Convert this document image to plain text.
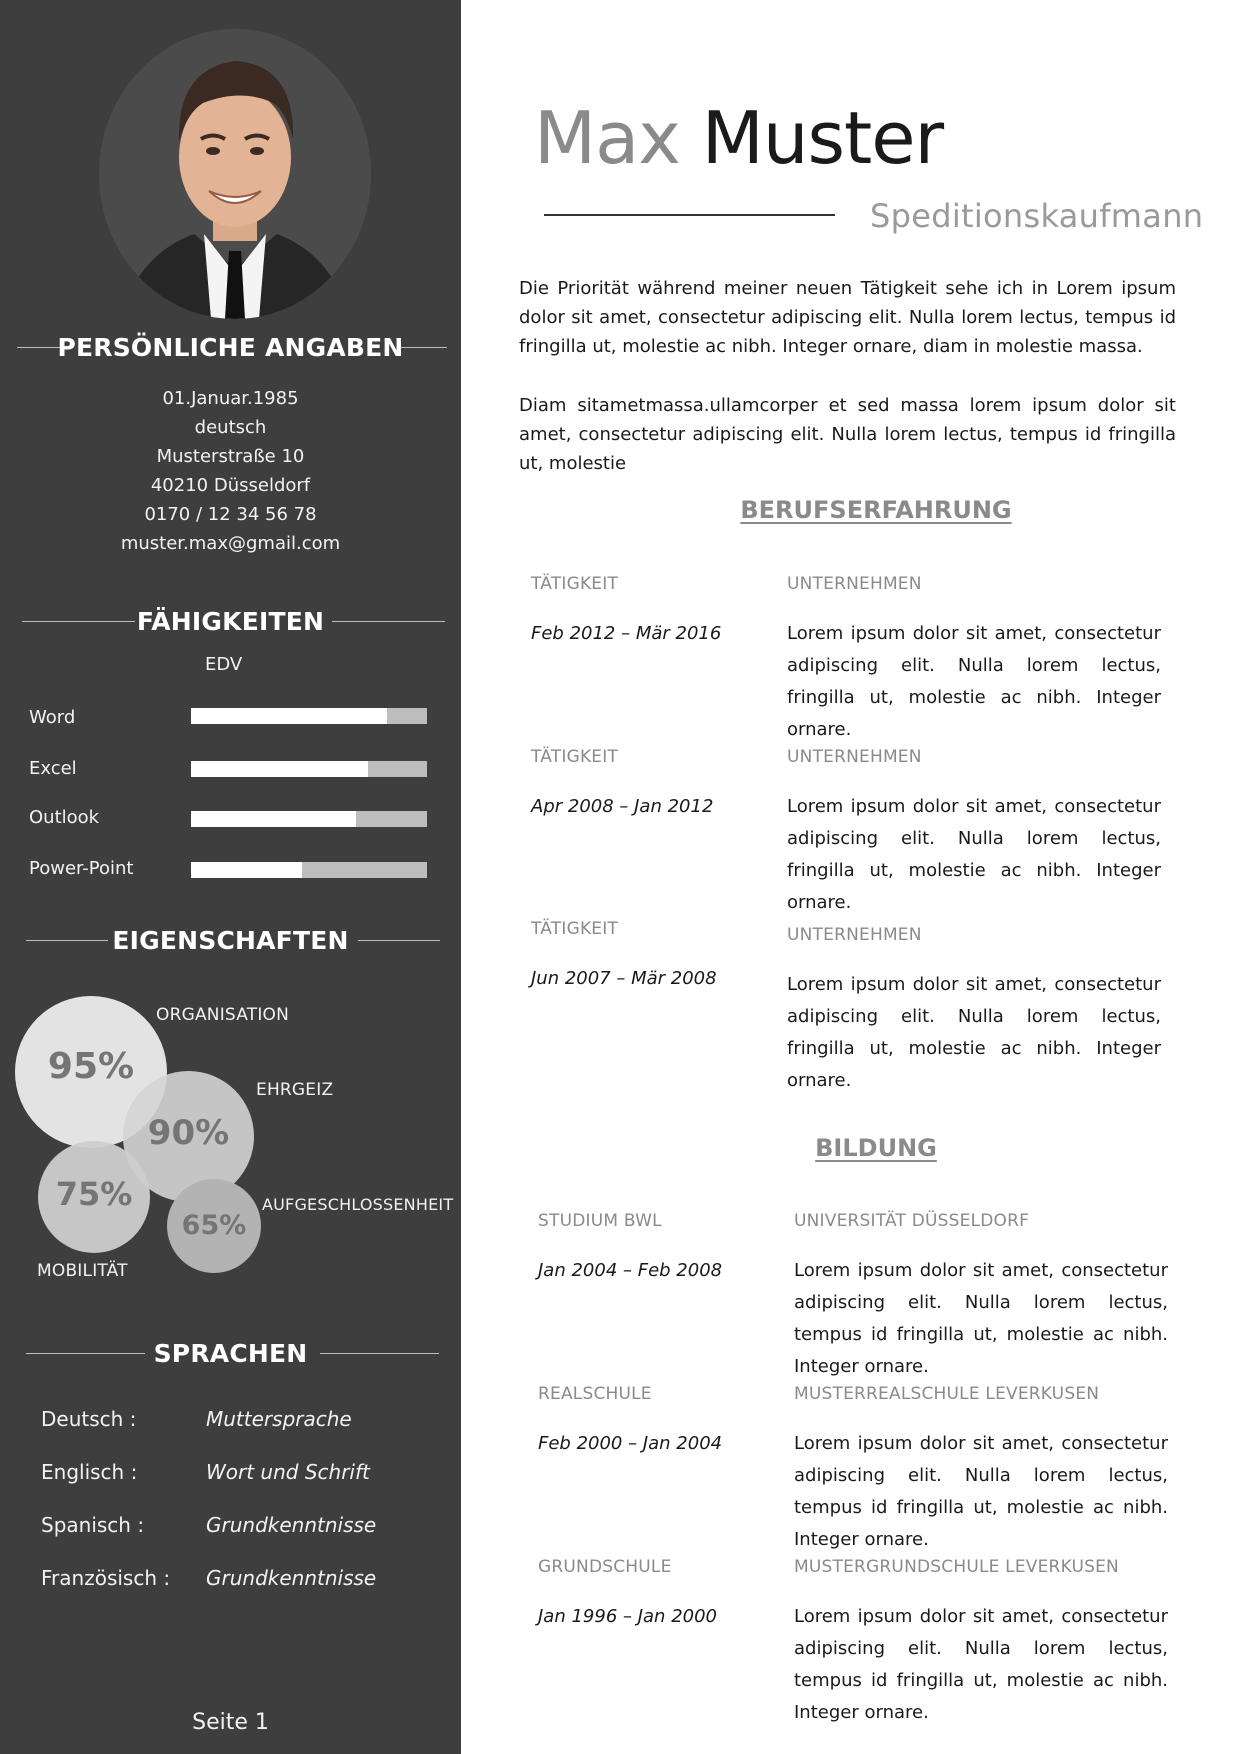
PERSÖNLICHE ANGABEN
01.Januar.1985
deutsch
Musterstraße 10
40210 Düsseldorf
0170 / 12 34 56 78
muster.max@gmail.com
FÄHIGKEITEN
EDV
Word
Excel
Outlook
Power-Point
EIGENSCHAFTEN
95%
90%
75%
65%
ORGANISATION
EHRGEIZ
MOBILITÄT
AUFGESCHLOSSENHEIT
SPRACHEN
Deutsch :	Muttersprache
Englisch :	Wort und Schrift
Spanisch :	Grundkenntnisse
Französisch : Grundkenntnisse
Seite 1
Max Muster
Speditionskaufmann
Die Priorität während meiner neuen Tätigkeit sehe ich in Lorem ipsum dolor sit amet, consectetur adipiscing elit. Nulla lorem lectus, tempus id fringilla ut, molestie ac nibh. Integer ornare, diam in molestie massa.
Diam sitametmassa.ullamcorper et sed massa lorem ipsum dolor sit amet, consectetur adipiscing elit. Nulla lorem lectus, tempus id fringilla ut, molestie
BERUFSERFAHRUNG
TÄTIGKEIT	UNTERNEHMEN
Feb 2012 – Mär 2016	Lorem ipsum dolor sit amet, consectetur adipiscing elit. Nulla lorem lectus, fringilla ut, molestie ac nibh. Integer ornare.
TÄTIGKEIT	UNTERNEHMEN
Apr 2008 – Jan 2012	Lorem ipsum dolor sit amet, consectetur adipiscing elit. Nulla lorem lectus, fringilla ut, molestie ac nibh. Integer ornare.
TÄTIGKEIT	UNTERNEHMEN
Jun 2007 – Mär 2008	Lorem ipsum dolor sit amet, consectetur adipiscing elit. Nulla lorem lectus, fringilla ut, molestie ac nibh. Integer ornare.
BILDUNG
STUDIUM BWL	UNIVERSITÄT DÜSSELDORF
Jan 2004 – Feb 2008	Lorem ipsum dolor sit amet, consectetur adipiscing elit. Nulla lorem lectus, tempus id fringilla ut, molestie ac nibh. Integer ornare.
REALSCHULE	MUSTERREALSCHULE LEVERKUSEN
Feb 2000 – Jan 2004	Lorem ipsum dolor sit amet, consectetur adipiscing elit. Nulla lorem lectus, tempus id fringilla ut, molestie ac nibh. Integer ornare.
GRUNDSCHULE	MUSTERGRUNDSCHULE LEVERKUSEN
Jan 1996 – Jan 2000	Lorem ipsum dolor sit amet, consectetur adipiscing elit. Nulla lorem lectus, tempus id fringilla ut, molestie ac nibh. Integer ornare.
